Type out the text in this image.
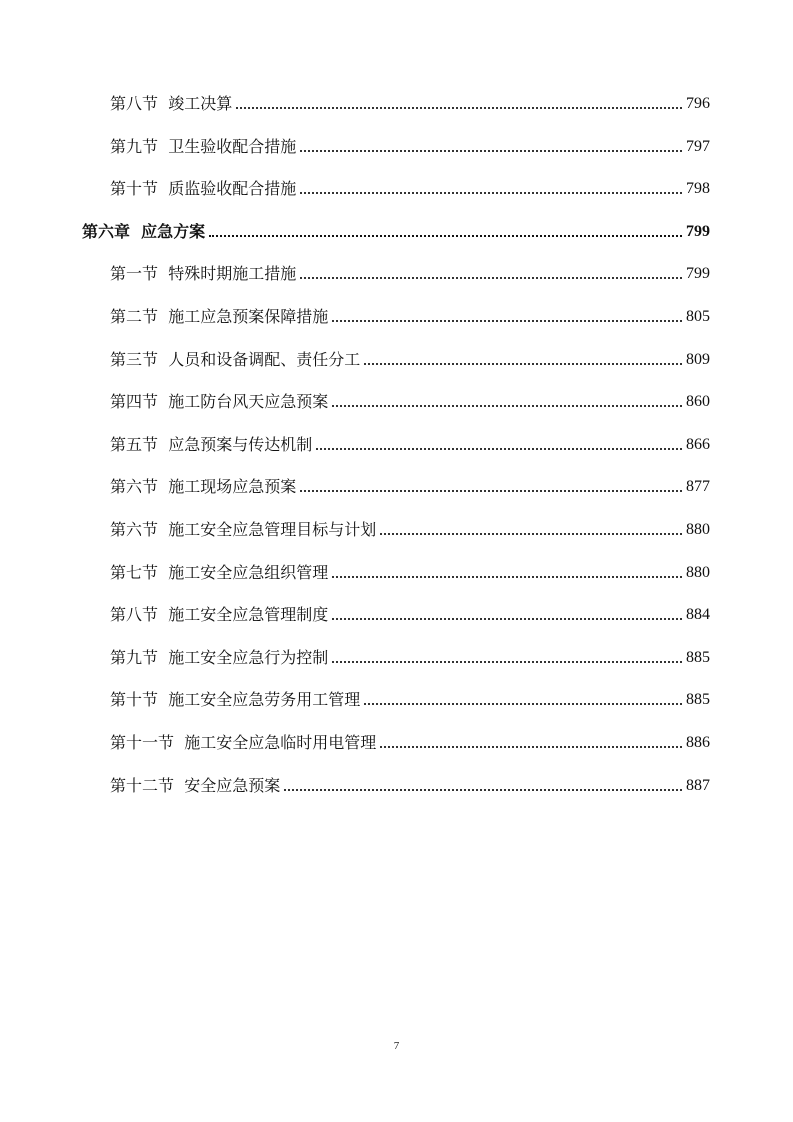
第八节 竣工决算	796
第九节 卫生验收配合措施	797
第十节 质监验收配合措施	798
第六章 应急方案	799
第一节 特殊时期施工措施	799
第二节 施工应急预案保障措施	805
第三节 人员和设备调配、责任分工	809
第四节 施工防台风天应急预案	860
第五节 应急预案与传达机制	866
第六节 施工现场应急预案	877
第六节 施工安全应急管理目标与计划	880
第七节 施工安全应急组织管理	880
第八节 施工安全应急管理制度	884
第九节 施工安全应急行为控制	885
第十节 施工安全应急劳务用工管理	885
第十一节 施工安全应急临时用电管理	886
第十二节 安全应急预案	887
7
